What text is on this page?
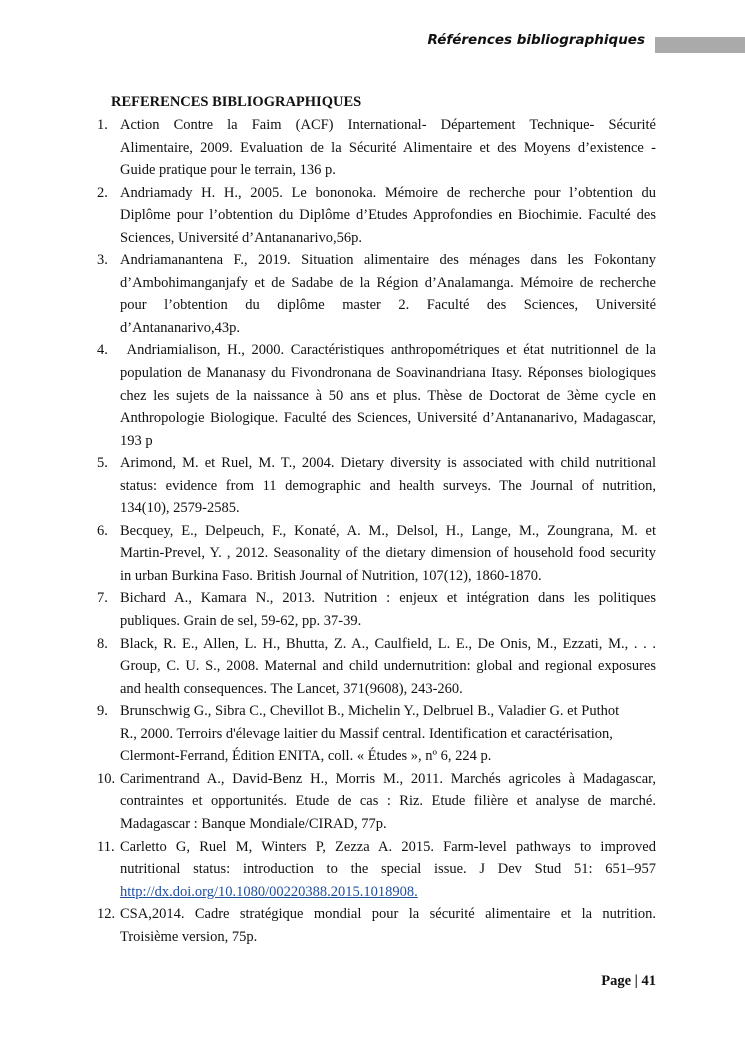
Références bibliographiques
REFERENCES BIBLIOGRAPHIQUES
1. Action Contre la Faim (ACF) International- Département Technique- Sécurité
Alimentaire, 2009. Evaluation de la Sécurité Alimentaire et des Moyens d’existence -
Guide pratique pour le terrain, 136 p.
2. Andriamady H. H., 2005. Le bononoka. Mémoire de recherche pour l’obtention du
Diplôme pour l’obtention du Diplôme d’Etudes Approfondies en Biochimie. Faculté des
Sciences, Université d’Antananarivo,56p.
3. Andriamanantena F., 2019. Situation alimentaire des ménages dans les Fokontany
d’Ambohimanganjafy et de Sadabe de la Région d’Analamanga. Mémoire de recherche
pour l’obtention du diplôme master 2. Faculté des Sciences, Université
d’Antananarivo,43p.
4. Andriamialison, H., 2000. Caractéristiques anthropométriques et état nutritionnel de la
population de Mananasy du Fivondronana de Soavinandriana Itasy. Réponses biologiques
chez les sujets de la naissance à 50 ans et plus. Thèse de Doctorat de 3ème cycle en
Anthropologie Biologique. Faculté des Sciences, Université d’Antananarivo, Madagascar,
193 p
5. Arimond, M. et Ruel, M. T., 2004. Dietary diversity is associated with child nutritional
status: evidence from 11 demographic and health surveys. The Journal of nutrition,
134(10), 2579-2585.
6. Becquey, E., Delpeuch, F., Konaté, A. M., Delsol, H., Lange, M., Zoungrana, M. et
Martin-Prevel, Y. , 2012. Seasonality of the dietary dimension of household food security
in urban Burkina Faso. British Journal of Nutrition, 107(12), 1860-1870.
7. Bichard A., Kamara N., 2013. Nutrition : enjeux et intégration dans les politiques
publiques. Grain de sel, 59-62, pp. 37-39.
8. Black, R. E., Allen, L. H., Bhutta, Z. A., Caulfield, L. E., De Onis, M., Ezzati, M., . . .
Group, C. U. S., 2008. Maternal and child undernutrition: global and regional exposures
and health consequences. The Lancet, 371(9608), 243-260.
9. Brunschwig G., Sibra C., Chevillot B., Michelin Y., Delbruel B., Valadier G. et Puthot
R., 2000. Terroirs d'élevage laitier du Massif central. Identification et caractérisation,
Clermont-Ferrand, Édition ENITA, coll. « Études », nº 6, 224 p.
10. Carimentrand A., David-Benz H., Morris M., 2011. Marchés agricoles à Madagascar,
contraintes et opportunités. Etude de cas : Riz. Etude filière et analyse de marché.
Madagascar : Banque Mondiale/CIRAD, 77p.
11. Carletto G, Ruel M, Winters P, Zezza A. 2015. Farm-level pathways to improved
nutritional status: introduction to the special issue. J Dev Stud 51: 651–957
http://dx.doi.org/10.1080/00220388.2015.1018908.
12. CSA,2014. Cadre stratégique mondial pour la sécurité alimentaire et la nutrition.
Troisième version, 75p.
Page | 41
